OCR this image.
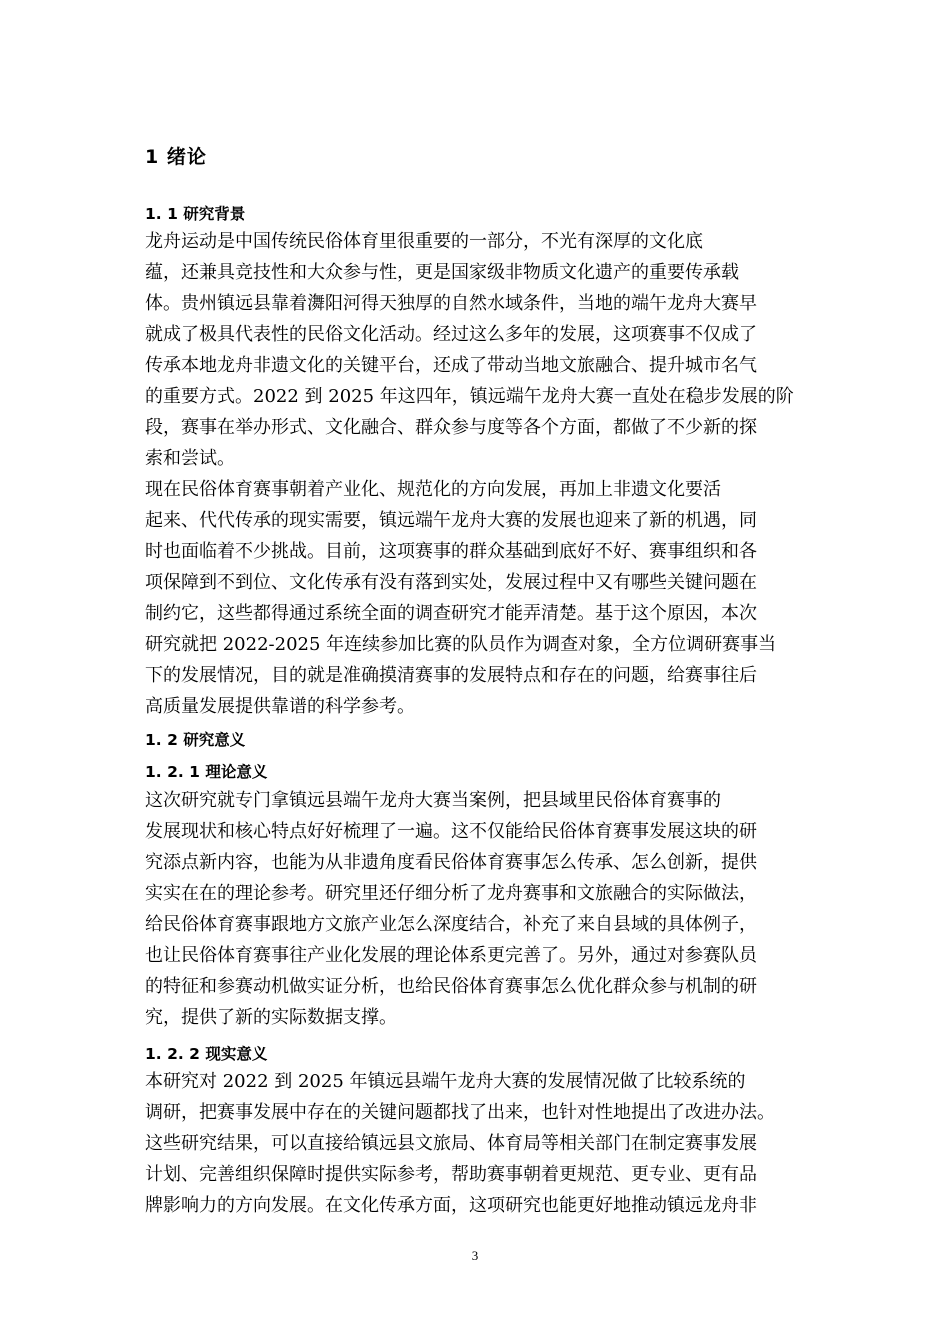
1 绪论
1. 1 研究背景
龙舟运动是中国传统民俗体育里很重要的一部分，不光有深厚的文化底
蕴，还兼具竞技性和大众参与性，更是国家级非物质文化遗产的重要传承载
体。贵州镇远县靠着㵲阳河得天独厚的自然水域条件，当地的端午龙舟大赛早
就成了极具代表性的民俗文化活动。经过这么多年的发展，这项赛事不仅成了
传承本地龙舟非遗文化的关键平台，还成了带动当地文旅融合、提升城市名气
的重要方式。2022 到 2025 年这四年，镇远端午龙舟大赛一直处在稳步发展的阶
段，赛事在举办形式、文化融合、群众参与度等各个方面，都做了不少新的探
索和尝试。
现在民俗体育赛事朝着产业化、规范化的方向发展，再加上非遗文化要活
起来、代代传承的现实需要，镇远端午龙舟大赛的发展也迎来了新的机遇，同
时也面临着不少挑战。目前，这项赛事的群众基础到底好不好、赛事组织和各
项保障到不到位、文化传承有没有落到实处，发展过程中又有哪些关键问题在
制约它，这些都得通过系统全面的调查研究才能弄清楚。基于这个原因，本次
研究就把 2022-2025 年连续参加比赛的队员作为调查对象，全方位调研赛事当
下的发展情况，目的就是准确摸清赛事的发展特点和存在的问题，给赛事往后
高质量发展提供靠谱的科学参考。
1. 2 研究意义
1. 2. 1 理论意义
这次研究就专门拿镇远县端午龙舟大赛当案例，把县域里民俗体育赛事的
发展现状和核心特点好好梳理了一遍。这不仅能给民俗体育赛事发展这块的研
究添点新内容，也能为从非遗角度看民俗体育赛事怎么传承、怎么创新，提供
实实在在的理论参考。研究里还仔细分析了龙舟赛事和文旅融合的实际做法，
给民俗体育赛事跟地方文旅产业怎么深度结合，补充了来自县域的具体例子，
也让民俗体育赛事往产业化发展的理论体系更完善了。另外，通过对参赛队员
的特征和参赛动机做实证分析，也给民俗体育赛事怎么优化群众参与机制的研
究，提供了新的实际数据支撑。
1. 2. 2 现实意义
本研究对 2022 到 2025 年镇远县端午龙舟大赛的发展情况做了比较系统的
调研，把赛事发展中存在的关键问题都找了出来，也针对性地提出了改进办法。
这些研究结果，可以直接给镇远县文旅局、体育局等相关部门在制定赛事发展
计划、完善组织保障时提供实际参考，帮助赛事朝着更规范、更专业、更有品
牌影响力的方向发展。在文化传承方面，这项研究也能更好地推动镇远龙舟非

3
